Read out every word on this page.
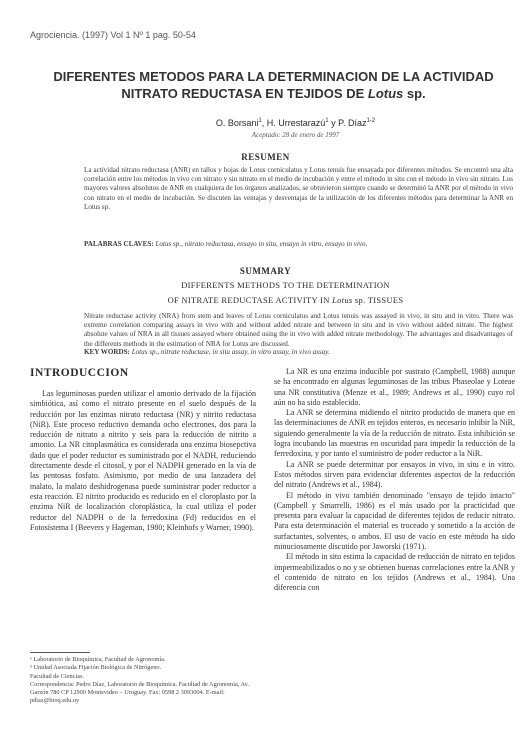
Agrociencia. (1997) Vol 1 Nº 1 pag. 50-54
DIFERENTES METODOS PARA LA DETERMINACION DE LA ACTIVIDAD
NITRATO REDUCTASA EN TEJIDOS DE Lotus sp.
O. Borsani$^1$, H. Urrestarazú$^1$ y P. Díaz$^{1-2}$
Aceptado: 28 de enero de 1997
RESUMEN
La actividad nitrato reductasa (ANR) en tallos y hojas de Lotus corniculatus y Lotus tenuis fue ensayada por diferentes métodos. Se encontró una alta correlación entre los métodos in vivo con nitrato y sin nitrato en el medio de incubación y entre el método in situ con el método in vivo sin nitrato. Los mayores valores absolutos de ANR en cualquiera de los órganos analizados, se obtuvieron siempre cuando se determinó la ANR por el método in vivo con nitrato en el medio de incubación. Se discuten las ventajas y desventajas de la utilización de los diferentes métodos para determinar la ANR en Lotus sp.
PALABRAS CLAVES: Lotus sp., nitrato reductasa, ensayo in situ, ensayo in vitro, ensayo in vivo.
SUMMARY
DIFFERENTS METHODS TO THE DETERMINATION
OF NITRATE REDUCTASE ACTIVITY IN Lotus sp. TISSUES
Nitrate reductase activity (NRA) from stem and leaves of Lotus corniculatus and Lotus tenuis was assayed in vivo, in situ and in vitro. There was extreme correlation comparing assays in vivo with and without added nitrate and between in situ and in vivo without added nitrate. The highest absolute values of NRA in all tissues assayed where obtained using the in vivo with added nitrate methodology. The advantages and disadvantages of the differents methods in the estimation of NRA for Lotus are discussed.
KEY WORDS: Lotus sp., nitrate reductase, in situ assay, in vitro assay, in vivo assay.
INTRODUCCION

Las leguminosas pueden utilizar el amonio derivado de la fijación simbiótica, así como el nitrato presente en el suelo después de la reducción por las enzimas nitrato reductasa (NR) y nitrito reductasa (NiR). Este proceso reductivo demanda ocho electrones, dos para la reducción de nitrato a nitrito y seis para la reducción de nitrito a amonio. La NR citoplasmática es considerada una enzima biosepctiva dado que el poder reductor es suministrado por el NADH, reduciendo directamente desde el citosol, y por el NADPH generado en la vía de las pentosas fosfato. Asimismo, por medio de una lanzadera del malato, la malato deshidrogenasa puede suministrar poder reductor a esta reacción. El nitrito producido es reducido en el cloroplasto por la enzima NiR de localización cloroplástica, la cual utiliza el poder reductor del NADPH o de la ferredoxina (Fd) reducidos en el Fotosistema I (Beevers y Hageman, 1980; Kleinhofs y Warner, 1990).

La NR es una enzima inducible por sustrato (Campbell, 1988) aunque se ha encontrado en algunas leguminosas de las tribus Phaseolae y Loteae una NR constitutiva (Menze et al., 1989; Andrews et al., 1990) cuyo rol aún no ha sido establecido.

La ANR se determina midiendo el nitrito producido de manera que en las determinaciones de ANR en tejidos enteros, es necesario inhibir la NiR, siguiendo generalmente la vía de la reducción de nitrato. Esta inhibición se logra incubando las muestras en oscuridad para impedir la reducción de la ferredoxina, y por tanto el suministro de poder reductor a la NiR.

La ANR se puede determinar por ensayos in vivo, in situ e in vitro. Estos métodos sirven para evidenciar diferentes aspectos de la reducción del nitrato (Andrews et al., 1984).

El método in vivo también denominado "ensayo de tejido intacto" (Campbell y Smarrelli, 1986) es el más usado por la practicidad que presenta para evaluar la capacidad de diferentes tejidos de reducir nitrato. Para esta determinación el material es troceado y sometido a la acción de surfactantes, solventes, o ambos. El uso de vacío en este método ha sido minuciosamente discutido por Jaworski (1971).

El método in situ estima la capacidad de reducción de nitrato en tejidos impermeabilizados o no y se obtienen buenas correlaciones entre la ANR y el contenido de nitrato en los tejidos (Andrews et al., 1984). Una diferencia con

¹ Laboratorio de Bioquímica, Facultad de Agronomía.
² Unidad Asociada Fijación Biológica de Nitrógeno.
Facultad de Ciencias.
Correspondencia: Pedro Díaz, Laboratorio de Bioquímica. Facultad de Agronomía, Av. Garzón 780 CP 12900 Montevideo – Uruguay. Fax: 0598 2 3093004. E-mail: pdiaz@bioq.edu.uy
